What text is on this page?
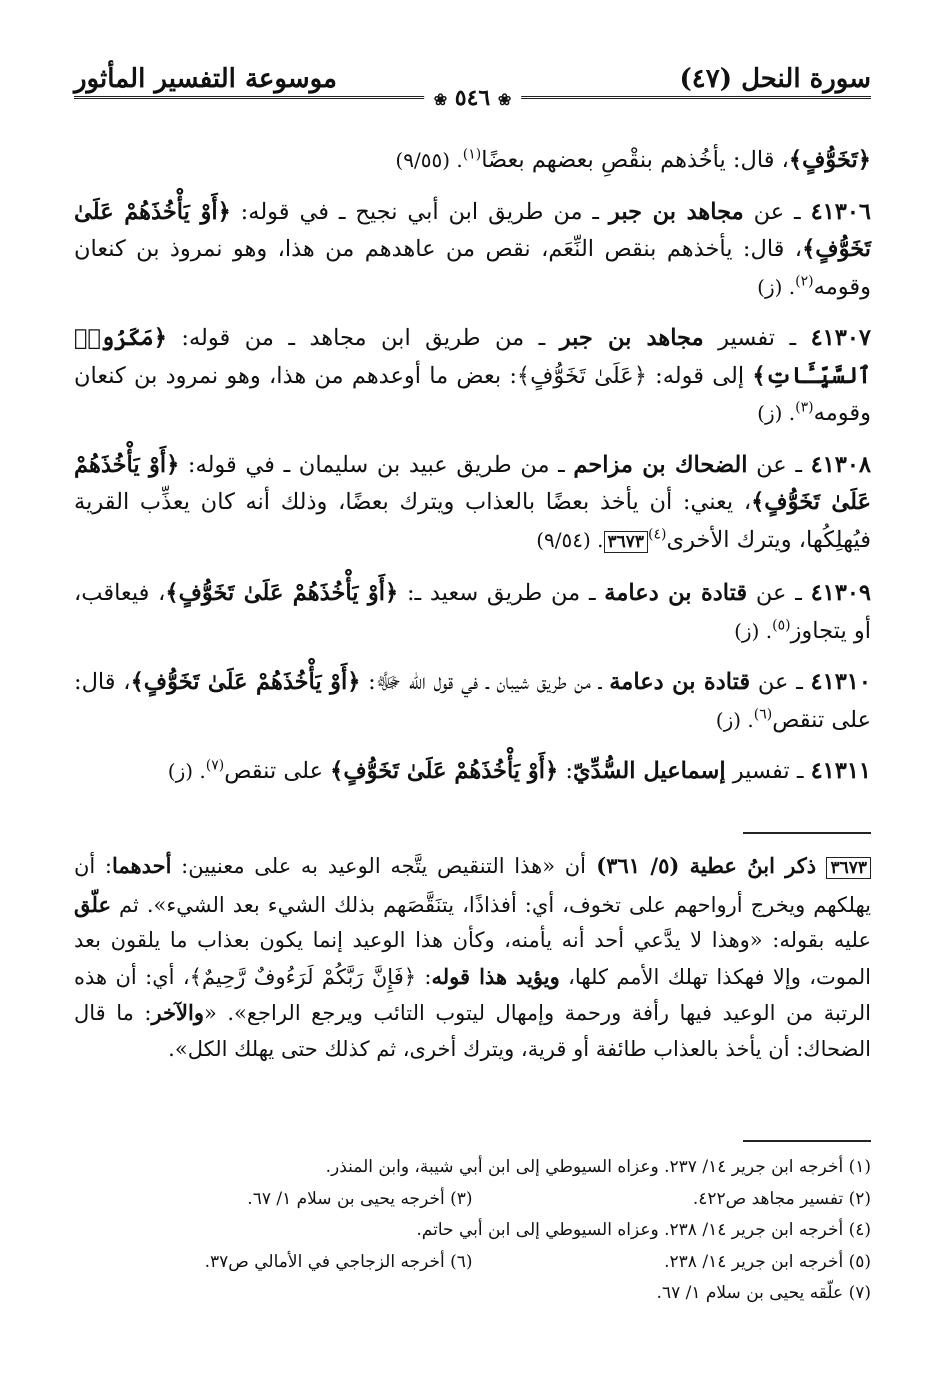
سورة النحل (٤٧)
موسوعة التفسير المأثور
❀ ٥٤٦ ❀

﴿تَخَوُّفٍ﴾، قال: يأخُذهم بنقْصِ بعضهم بعضًا$^{(١)}$. (٩/٥٥)

٤١٣٠٦ ـ عن مجاهد بن جبر ـ من طريق ابن أبي نجيح ـ في قوله: ﴿أَوْ يَأْخُذَهُمْ عَلَىٰ تَخَوُّفٍ﴾، قال: يأخذهم بنقص النِّعَم، نقص من عاهدهم من هذا، وهو نمروذ بن كنعان وقومه$^{(٢)}$. (ز)

٤١٣٠٧ ـ تفسير مجاهد بن جبر ـ من طريق ابن مجاهد ـ من قوله: ﴿مَكَرُوا۟ ٱلسَّيِّـَٔاتِ﴾ إلى قوله: ﴿عَلَىٰ تَخَوُّفٍ﴾: بعض ما أوعدهم من هذا، وهو نمرود بن كنعان وقومه$^{(٣)}$. (ز)

٤١٣٠٨ ـ عن الضحاك بن مزاحم ـ من طريق عبيد بن سليمان ـ في قوله: ﴿أَوْ يَأْخُذَهُمْ عَلَىٰ تَخَوُّفٍ﴾، يعني: أن يأخذ بعضًا بالعذاب ويترك بعضًا، وذلك أنه كان يعذِّب القرية فيُهلِكُها، ويترك الأخرى$^{(٤)}$٣٦٧٣. (٩/٥٤)

٤١٣٠٩ ـ عن قتادة بن دعامة ـ من طريق سعيد ـ: ﴿أَوْ يَأْخُذَهُمْ عَلَىٰ تَخَوُّفٍ﴾، فيعاقب، أو يتجاوز$^{(٥)}$. (ز)

٤١٣١٠ ـ عن قتادة بن دعامة ـ من طريق شيبان ـ في قول الله ﷻ: ﴿أَوْ يَأْخُذَهُمْ عَلَىٰ تَخَوُّفٍ﴾، قال: على تنقص$^{(٦)}$. (ز)

٤١٣١١ ـ تفسير إسماعيل السُّدِّيّ: ﴿أَوْ يَأْخُذَهُمْ عَلَىٰ تَخَوُّفٍ﴾ على تنقص$^{(٧)}$. (ز)

٣٦٧٣ ذكر ابنُ عطية (٥/ ٣٦١) أن «هذا التنقيص يتَّجه الوعيد به على معنيين: أحدهما: أن يهلكهم ويخرج أرواحهم على تخوف، أي: أفذاذًا، يتنَقَّصَهم بذلك الشيء بعد الشيء». ثم علّق عليه بقوله: «وهذا لا يدَّعي أحد أنه يأمنه، وكأن هذا الوعيد إنما يكون بعذاب ما يلقون بعد الموت، وإلا فهكذا تهلك الأمم كلها، ويؤيد هذا قوله: ﴿فَإِنَّ رَبَّكُمْ لَرَءُوفٌ رَّحِيمٌ﴾، أي: أن هذه الرتبة من الوعيد فيها رأفة ورحمة وإمهال ليتوب التائب ويرجع الراجع». «والآخر: ما قال الضحاك: أن يأخذ بالعذاب طائفة أو قرية، ويترك أخرى، ثم كذلك حتى يهلك الكل».
(١) أخرجه ابن جرير ١٤/ ٢٣٧. وعزاه السيوطي إلى ابن أبي شيبة، وابن المنذر.
(٢) تفسير مجاهد ص٤٢٢.
(٣) أخرجه يحيى بن سلام ١/ ٦٧.
(٤) أخرجه ابن جرير ١٤/ ٢٣٨. وعزاه السيوطي إلى ابن أبي حاتم.
(٥) أخرجه ابن جرير ١٤/ ٢٣٨.
(٦) أخرجه الزجاجي في الأمالي ص٣٧.
(٧) علّقه يحيى بن سلام ١/ ٦٧.
